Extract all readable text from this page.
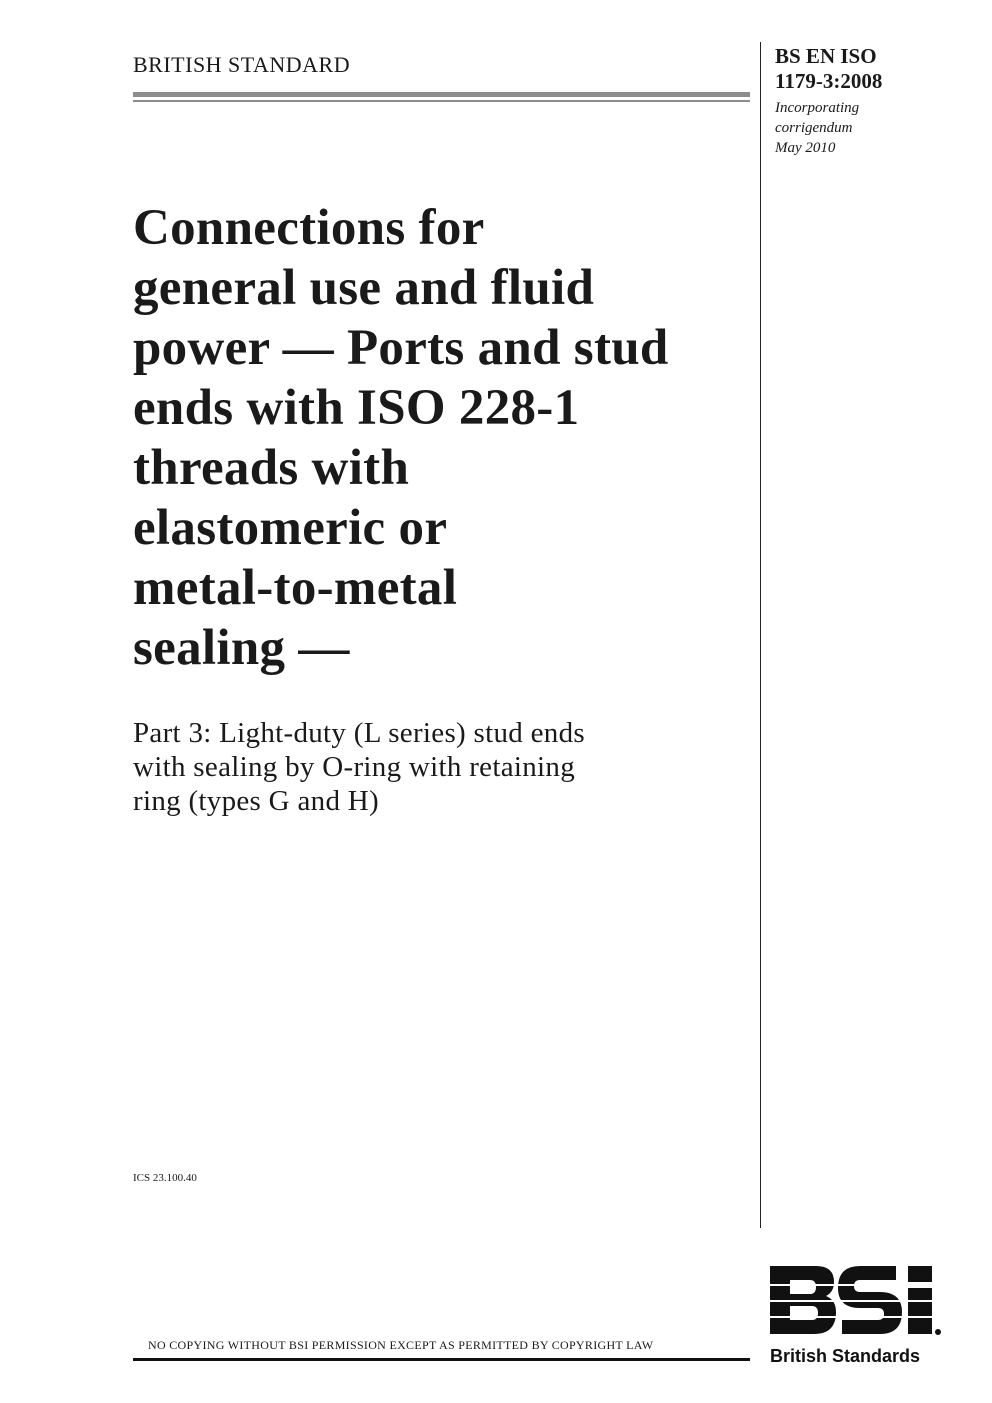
BRITISH STANDARD	BS EN ISO
1179-3:2008
Incorporating
corrigendum
May 2010
Connections for
general use and fluid
power — Ports and stud
ends with ISO 228-1
threads with
elastomeric or
metal-to-metal
sealing —
Part 3: Light-duty (L series) stud ends
with sealing by O-ring with retaining
ring (types G and H)
ICS 23.100.40
British Standards
NO COPYING WITHOUT BSI PERMISSION EXCEPT AS PERMITTED BY COPYRIGHT LAW
